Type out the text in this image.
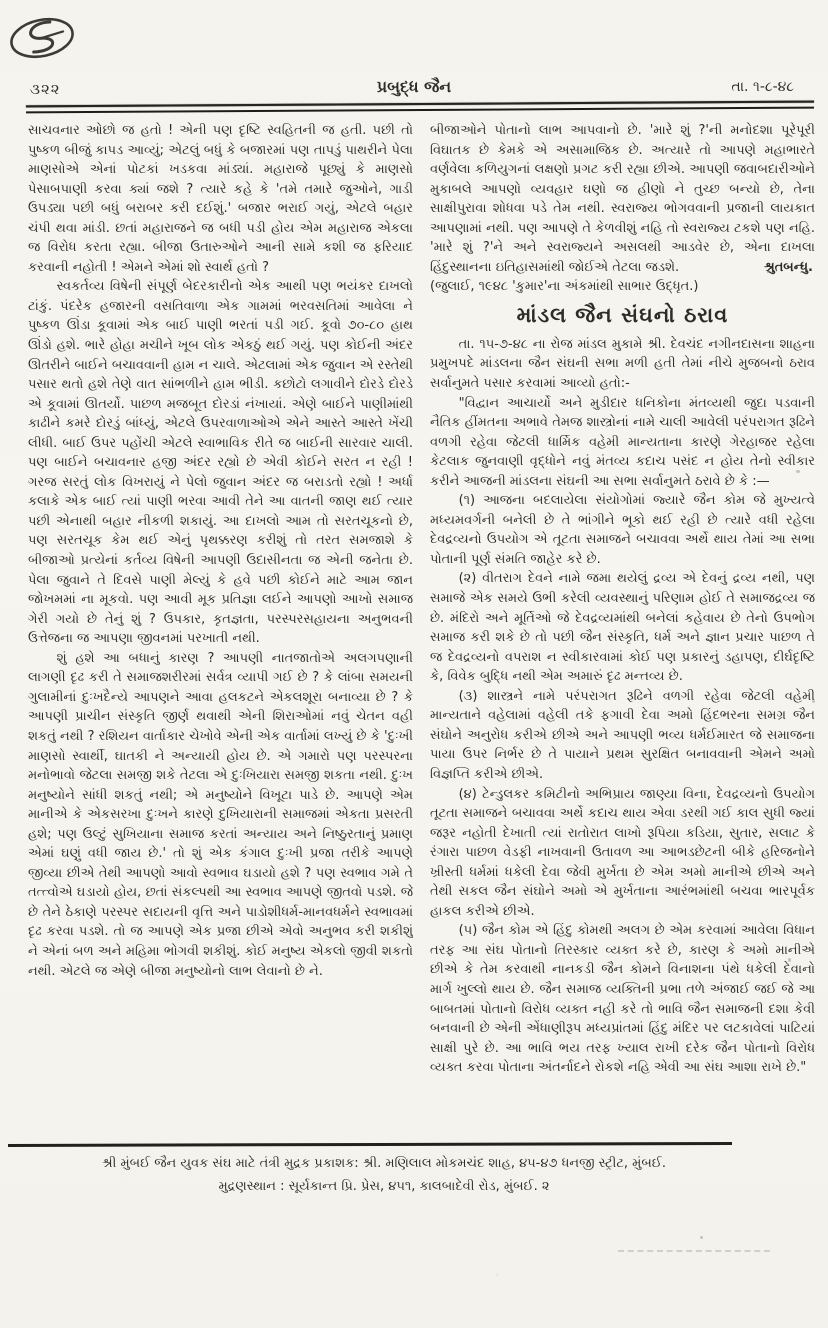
૩૨૨	પ્રબુદ્ધ જૈન	તા. ૧-૮-૪૮

સાચવનાર ઓછો જ હતો ! એની પણ દૃષ્ટિ સ્વહિતની જ હતી. પછી તો પુષ્કળ બીજું કાપડ આવ્યું; એટલું બધું કે બજારમાં પણ તાપડું પાથરીને પેલા માણસોએ એનાં પોટકાં ખડકવા માંડ્યાં. મહારાજે પૂછ્યું કે માણસો પેસાબપાણી કરવા ક્યાં જશે ? ત્યારે કહે કે 'તમે તમારે જુઓને, ગાડી ઉપડ્યા પછી બધું બરાબર કરી દઈશું.' બજાર ભરાઈ ગયું, એટલે બહાર ચંપી થવા માંડી. છતાં મહારાજને જ બધી પડી હોય એમ મહારાજ એકલા જ વિરોધ કરતા રહ્યા. બીજા ઉતારુઓને આની સામે કશી જ ફરિયાદ કરવાની નહોતી ! એમને એમાં શો સ્વાર્થ હતો ?

સ્વકર્તવ્ય વિષેની સંપૂર્ણ બેદરકારીનો એક આથી પણ ભયંકર દાખલો ટાંકું. પંદરેક હજારની વસતિવાળા એક ગામમાં ભરવસતિમાં આવેલા ને પુષ્કળ ઊંડા કૂવામાં એક બાઈ પાણી ભરતાં પડી ગઈ. કૂવો ૭૦-૮૦ હાથ ઊંડો હશે. ભારે હોહા મચીને ખૂબ લોક એકઠું થઈ ગયું. પણ કોઈની અંદર ઊતરીને બાઈને બચાવવાની હામ ન ચાલે. એટલામાં એક જુવાન એ રસ્તેથી પસાર થતો હશે તેણે વાત સાંભળીને હામ ભીડી. કછોટો લગાવીને દોરડે દોરડે એ કૂવામાં ઊતર્યો. પાછળ મજબૂત દોરડાં નંખાયાં. એણે બાઈને પાણીમાંથી કાઢીને કમરે દોરડું બાંધ્યું, એટલે ઉપરવાળાઓએ એને આસ્તે આસ્તે ખેંચી લીધી. બાઈ ઉપર પહોંચી એટલે સ્વાભાવિક રીતે જ બાઈની સારવાર ચાલી. પણ બાઈને બચાવનાર હજી અંદર રહ્યો છે એવી કોઈને સરત ન રહી ! ગરજ સરતું લોક વિખરાયું ને પેલો જુવાન અંદર જ બરાડતો રહ્યો ! અર્ધા કલાકે એક બાઈ ત્યાં પાણી ભરવા આવી તેને આ વાતની જાણ થઈ ત્યાર પછી એનાથી બહાર નીકળી શકાયું. આ દાખલો આમ તો સરતચૂકનો છે, પણ સરતચૂક કેમ થઈ એનું પૃથક્કરણ કરીશું તો તરત સમજાશે કે બીજાઓ પ્રત્યેનાં કર્તવ્ય વિષેની આપણી ઉદાસીનતા જ એની જનેતા છે. પેલા જુવાને તે દિવસે પાણી મેલ્યું કે હવે પછી કોઈને માટે આમ જાન જોખમમાં ના મૂકવો. પણ આવી મૂક પ્રતિજ્ઞા લઈને આપણો આખો સમાજ ગેરી ગયો છે તેનું શું ? ઉપકાર, કૃતજ્ઞતા, પરસ્પરસહાયના અનુભવની ઉત્તેજના જ આપણા જીવનમાં પરખાતી નથી.

શું હશે આ બધાનું કારણ ? આપણી નાતજાતોએ અલગપણાની લાગણી દૃઢ કરી તે સમાજશરીરમાં સર્વત્ર વ્યાપી ગઈ છે ? કે લાંબા સમયની ગુલામીનાં દુઃખદૈન્યે આપણને આવા હલકટને એકલશૂરા બનાવ્યા છે ? કે આપણી પ્રાચીન સંસ્કૃતિ જીર્ણ થવાથી એની શિરાઓમાં નવું ચેતન વહી શકતું નથી ? રશિયન વાર્તાકાર ચેખોવે એની એક વાર્તામાં લખ્યું છે કે 'દુઃખી માણસો સ્વાર્થી, ઘાતકી ને અન્યાયી હોય છે. એ ગમારો પણ પરસ્પરના મનોભાવો જેટલા સમજી શકે તેટલા એ દુઃખિયારા સમજી શકતા નથી. દુઃખ મનુષ્યોને સાંધી શકતું નથી; એ મનુષ્યોને વિખૂટા પાડે છે. આપણે એમ માનીએ કે એકસરખા દુઃખને કારણે દુખિયારાની સમાજમાં એકતા પ્રસરતી હશે; પણ ઉલ્ટું સુખિયાના સમાજ કરતાં અન્યાય અને નિષ્ઠુરતાનું પ્રમાણ એમાં ઘણું વધી જાય છે.' તો શું એક કંગાલ દુઃખી પ્રજા તરીકે આપણે જીવ્યા છીએ તેથી આપણો આવો સ્વભાવ ઘડાયો હશે ? પણ સ્વભાવ ગમે તે તત્ત્વોએ ઘડાયો હોય, છતાં સંકલ્પથી આ સ્વભાવ આપણે જીતવો પડશે. જે છે તેને ઠેકાણે પરસ્પર સદાયની વૃત્તિ અને પાડોશીધર્મ-માનવધર્મને સ્વભાવમાં દૃઢ કરવા પડશે. તો જ આપણે એક પ્રજા છીએ એવો અનુભવ કરી શકીશું ને એનાં બળ અને મહિમા ભોગવી શકીશું. કોઈ મનુષ્ય એકલો જીવી શકતો નથી. એટલે જ એણે બીજા મનુષ્યોનો લાભ લેવાનો છે ને.

બીજાઓને પોતાનો લાભ આપવાનો છે. 'મારે શું ?'ની મનોદશા પૂરેપૂરી વિઘાતક છે કેમકે એ અસામાજિક છે. અત્યારે તો આપણે મહાભારતે વર્ણવેલા કળિયુગનાં લક્ષણો પ્રગટ કરી રહ્યા છીએ. આપણી જવાબદારીઓને મુકાબલે આપણો વ્યવહાર ઘણો જ હીણો ને તુચ્છ બન્યો છે, તેના સાક્ષીપુરાવા શોધવા પડે તેમ નથી. સ્વરાજ્ય ભોગવવાની પ્રજાની લાયકાત આપણામાં નથી. પણ આપણે તે કેળવીશું નહિ તો સ્વરાજ્ય ટકશે પણ નહિ. 'મારે શું ?'ને અને સ્વરાજ્યને અસલથી આડવેર છે, એના દાખલા હિંદુસ્થાનના ઇતિહાસમાંથી જોઈએ તેટલા જડશે.	શ્રુતબન્ધુ.

(જુલાઈ, ૧૯૪૮ 'કુમાર'ના અંકમાંથી સાભાર ઉદ્ધૃત.)

માંડલ જૈન સંઘનો ઠરાવ

તા. ૧૫-૭-૪૮ ના રોજ માંડલ મુકામે શ્રી. દેવચંદ નગીનદાસના શાહના પ્રમુખપદે માંડલના જૈન સંઘની સભા મળી હતી તેમાં નીચે મુજબનો ઠરાવ સર્વાનુમતે પસાર કરવામાં આવ્યો હતો:-

"વિદ્વાન આચાર્યો અને મુડીદાર ધનિકોના મંતવ્યથી જુદા પડવાની નૈતિક હીંમતના અભાવે તેમજ શાસ્ત્રોનાં નામે ચાલી આવેલી પરંપરાગત રૂઢિને વળગી રહેવા જેટલી ધાર્મિક વહેમી માન્યતાના કારણે ગેરહાજર રહેલા કેટલાક જુનવાણી વૃદ્ધોને નવું મંતવ્ય કદાચ પસંદ ન હોય તેનો સ્વીકાર કરીને આજની માંડલના સંઘની આ સભા સર્વાનુમતે ઠરાવે છે કે :—

(૧) આજના બદલાયેલા સંયોગોમાં જ્યારે જૈન કોમ જે મુખ્યત્વે મધ્યમવર્ગની બનેલી છે તે ભાંગીને ભૂકો થઈ રહી છે ત્યારે વધી રહેલા દેવદ્રવ્યનો ઉપયોગ એ તૂટતા સમાજને બચાવવા અર્થે થાય તેમાં આ સભા પોતાની પૂર્ણ સંમતિ જાહેર કરે છે.

(૨) વીતરાગ દેવને નામે જમા થયેલું દ્રવ્ય એ દેવનું દ્રવ્ય નથી, પણ સમાજે એક સમયે ઉભી કરેલી વ્યવસ્થાનું પરિણામ હોઈ તે સમાજદ્રવ્ય જ છે. મંદિરો અને મૂર્તિઓ જે દેવદ્રવ્યમાંથી બનેલાં કહેવાય છે તેનો ઉપભોગ સમાજ કરી શકે છે તો પછી જૈન સંસ્કૃતિ, ધર્મ અને જ્ઞાન પ્રચાર પાછળ તે જ દેવદ્રવ્યનો વપરાશ ન સ્વીકારવામાં કોઈ પણ પ્રકારનું ડહાપણ, દીર્ઘદૃષ્ટિ કે, વિવેક બુદ્ધિ નથી એમ અમારું દૃઢ મન્તવ્ય છે.

(૩) શાસ્ત્રને નામે પરંપરાગત રૂઢિને વળગી રહેવા જેટલી વહેમી માન્યતાને વહેલામાં વહેલી તકે ફગાવી દેવા અમો હિંદભરના સમગ્ર જૈન સંઘોને અનુરોધ કરીએ છીએ અને આપણી ભવ્ય ધર્મઈમારત જે સમાજના પાયા ઉપર નિર્ભર છે તે પાયાને પ્રથમ સુરક્ષિત બનાવવાની એમને અમો વિજ્ઞપ્તિ કરીએ છીએ.

(૪) ટેન્ડુલકર કમિટીનો અભિપ્રાય જાણ્યા વિના, દેવદ્રવ્યનો ઉપયોગ તૂટતા સમાજને બચાવવા અર્થે કદાચ થાય એવા ડરથી ગઈ કાલ સુધી જ્યાં જરૂર નહોતી દેખાતી ત્યાં રાતોરાત લાખો રૂપિયા કડિયા, સુતાર, સલાટ કે રંગારા પાછળ વેડફી નાખવાની ઉતાવળ આ આભડછેટની બીકે હરિજનોને ખ્રીસ્તી ધર્મમાં ધકેલી દેવા જેવી મુર્ખતા છે એમ અમો માનીએ છીએ અને તેથી સકલ જૈન સંઘોને અમો એ મુર્ખતાના આરંભમાંથી બચવા ભારપૂર્વક હાકલ કરીએ છીએ.

(૫) જૈન કોમ એ હિંદુ કોમથી અલગ છે એમ કરવામાં આવેલા વિધાન તરફ આ સંઘ પોતાનો તિરસ્કાર વ્યક્ત કરે છે, કારણ કે અમો માનીએ છીએ કે તેમ કરવાથી નાનકડી જૈન કોમને વિનાશના પંથે ધકેલી દેવાનો માર્ગ ખુલ્લો થાય છે. જૈન સમાજ વ્યક્તિની પ્રભા તળે અંજાઈ જઈ જે આ બાબતમાં પોતાનો વિરોધ વ્યક્ત નહી કરે તો ભાવિ જૈન સમાજની દશા કેવી બનવાની છે એની એંધાણીરૂપ મધ્યપ્રાંતમાં હિંદુ મંદિર પર લટકાવેલાં પાટિયાં સાક્ષી પુરે છે. આ ભાવિ ભય તરફ ખ્યાલ રાખી દરેક જૈન પોતાનો વિરોધ વ્યક્ત કરવા પોતાના અંતર્નાદને રોકશે નહિ એવી આ સંઘ આશા રાખે છે."

શ્રી મુંબઈ જૈન યુવક સંઘ માટે તંત્રી મુદ્રક પ્રકાશક: શ્રી. મણિલાલ મોકમચંદ શાહ, ૪૫-૪૭ ધનજી સ્ટ્રીટ, મુંબઈ.
મુદ્રણસ્થાન : સૂર્યકાન્ત પ્રિ. પ્રેસ, ૪૫૧, કાલબાદેવી રોડ, મુંબઈ. ૨
